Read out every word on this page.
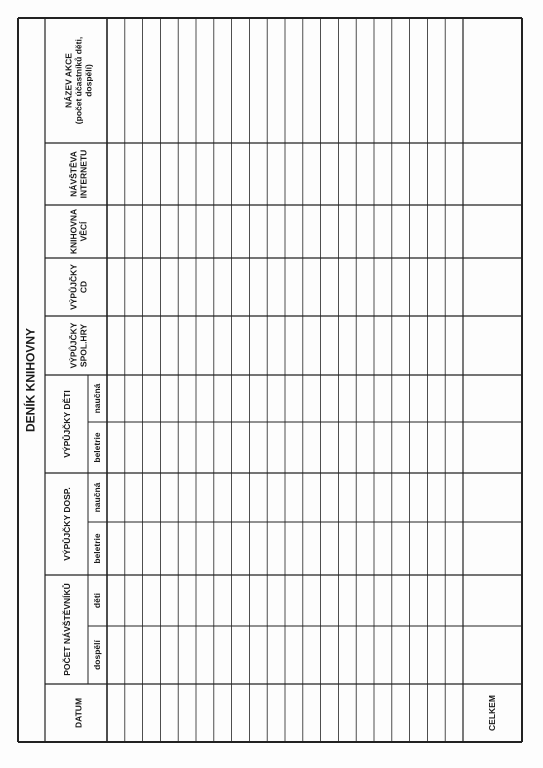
DENÍK KNIHOVNY
DATUM
POČET NÁVŠTĚVNÍKŮ dospělí
děti
VÝPŮJČKY DOSP. beletrie
naučná
VÝPŮJČKY DĚTI beletrie
naučná
VÝPŮJČKY SPOL.HRY
VÝPŮJČKY CD
KNIHOVNA VĚCÍ
NÁVŠTĚVA INTERNETU
NÁZEV AKCE (počet účastníků děti, dospělí)
CELKEM
